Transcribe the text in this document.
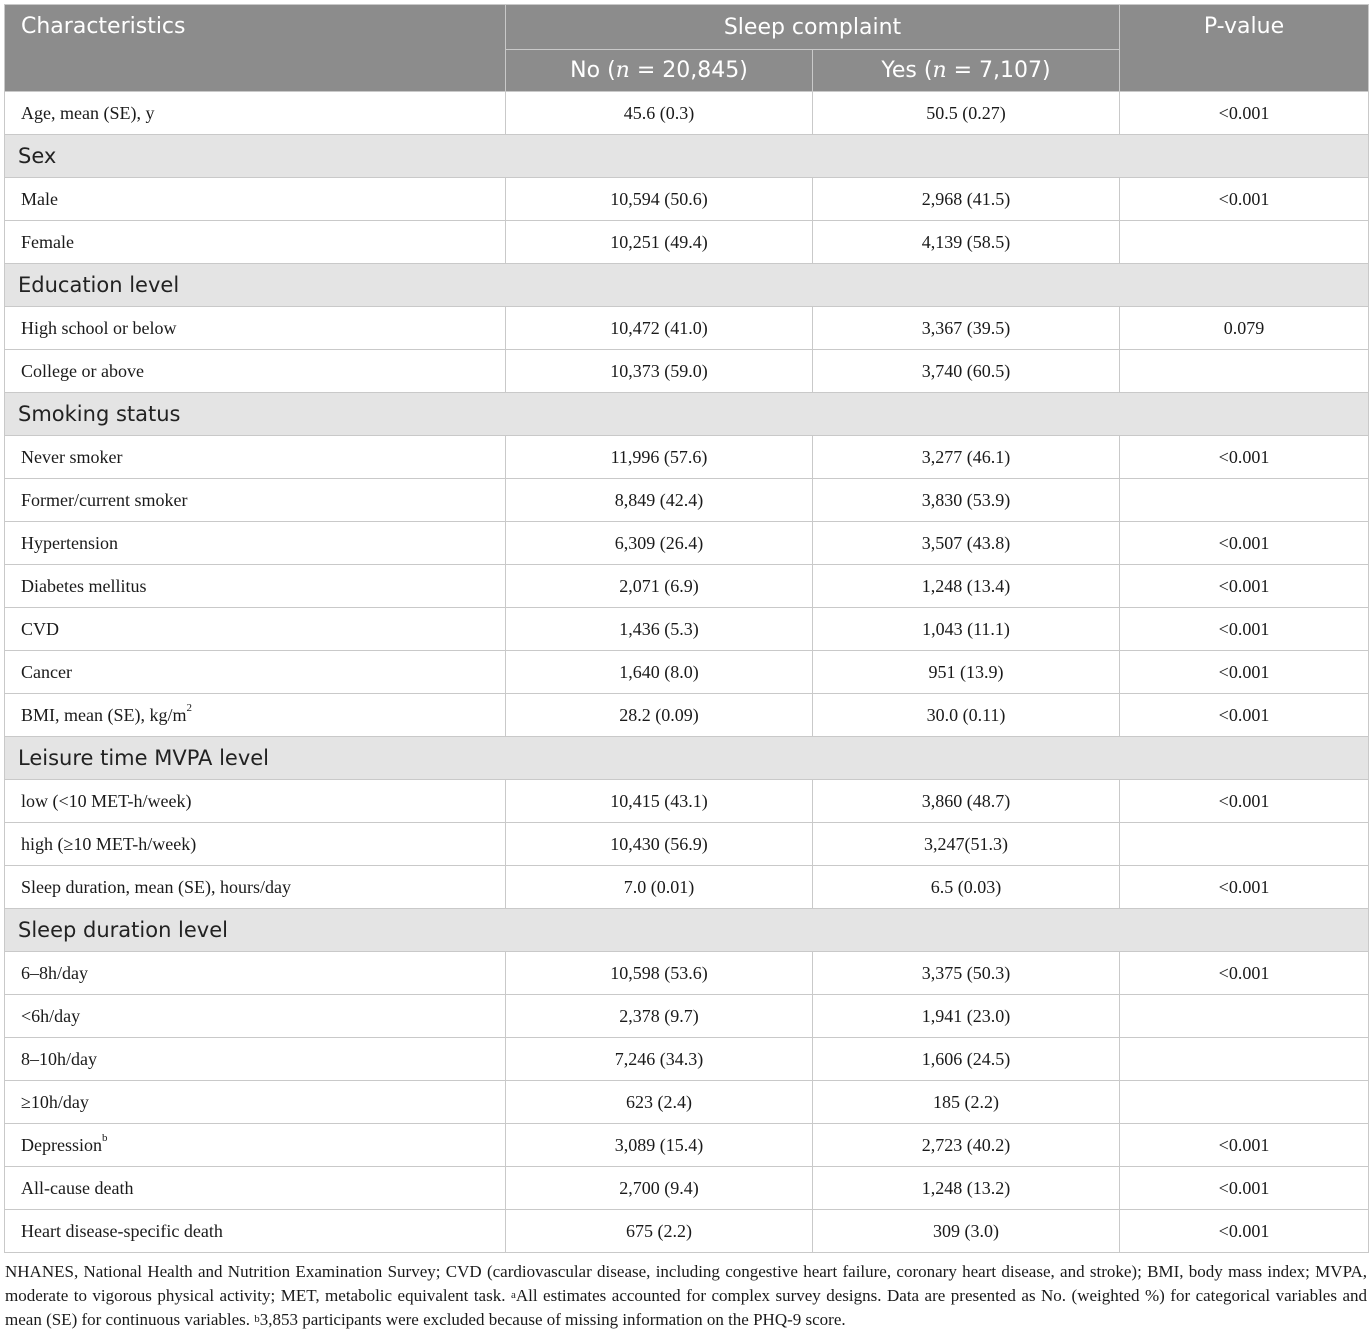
Characteristics	Sleep complaint		P-value
	No (n = 20,845)	Yes (n = 7,107)	
Age, mean (SE), y	45.6 (0.3)	50.5 (0.27)	<0.001
Sex			
Male	10,594 (50.6)	2,968 (41.5)	<0.001
Female	10,251 (49.4)	4,139 (58.5)	
Education level			
High school or below	10,472 (41.0)	3,367 (39.5)	0.079
College or above	10,373 (59.0)	3,740 (60.5)	
Smoking status			
Never smoker	11,996 (57.6)	3,277 (46.1)	<0.001
Former/current smoker	8,849 (42.4)	3,830 (53.9)	
Hypertension	6,309 (26.4)	3,507 (43.8)	<0.001
Diabetes mellitus	2,071 (6.9)	1,248 (13.4)	<0.001
CVD	1,436 (5.3)	1,043 (11.1)	<0.001
Cancer	1,640 (8.0)	951 (13.9)	<0.001
BMI, mean (SE), $kg/m^2$	28.2 (0.09)	30.0 (0.11)	<0.001
Leisure time MVPA level			
low (<10 MET-h/week)	10,415 (43.1)	3,860 (48.7)	<0.001
high (≥10 MET-h/week)	10,430 (56.9)	3,247(51.3)	
Sleep duration, mean (SE), hours/day	7.0 (0.01)	6.5 (0.03)	<0.001
Sleep duration level			
6–8h/day	10,598 (53.6)	3,375 (50.3)	<0.001
<6h/day	2,378 (9.7)	1,941 (23.0)	
8–10h/day	7,246 (34.3)	1,606 (24.5)	
≥10h/day	623 (2.4)	185 (2.2)	
Depression$^b$	3,089 (15.4)	2,723 (40.2)	<0.001
All-cause death	2,700 (9.4)	1,248 (13.2)	<0.001
Heart disease-specific death	675 (2.2)	309 (3.0)	<0.001
NHANES, National Health and Nutrition Examination Survey; CVD (cardiovascular disease, including congestive heart failure, coronary heart disease, and stroke); BMI, body mass index; MVPA, moderate to vigorous physical activity; MET, metabolic equivalent task. $^a$All estimates accounted for complex survey designs. Data are presented as No. (weighted %) for categorical variables and mean (SE) for continuous variables. $^b$3,853 participants were excluded because of missing information on the PHQ-9 score.
